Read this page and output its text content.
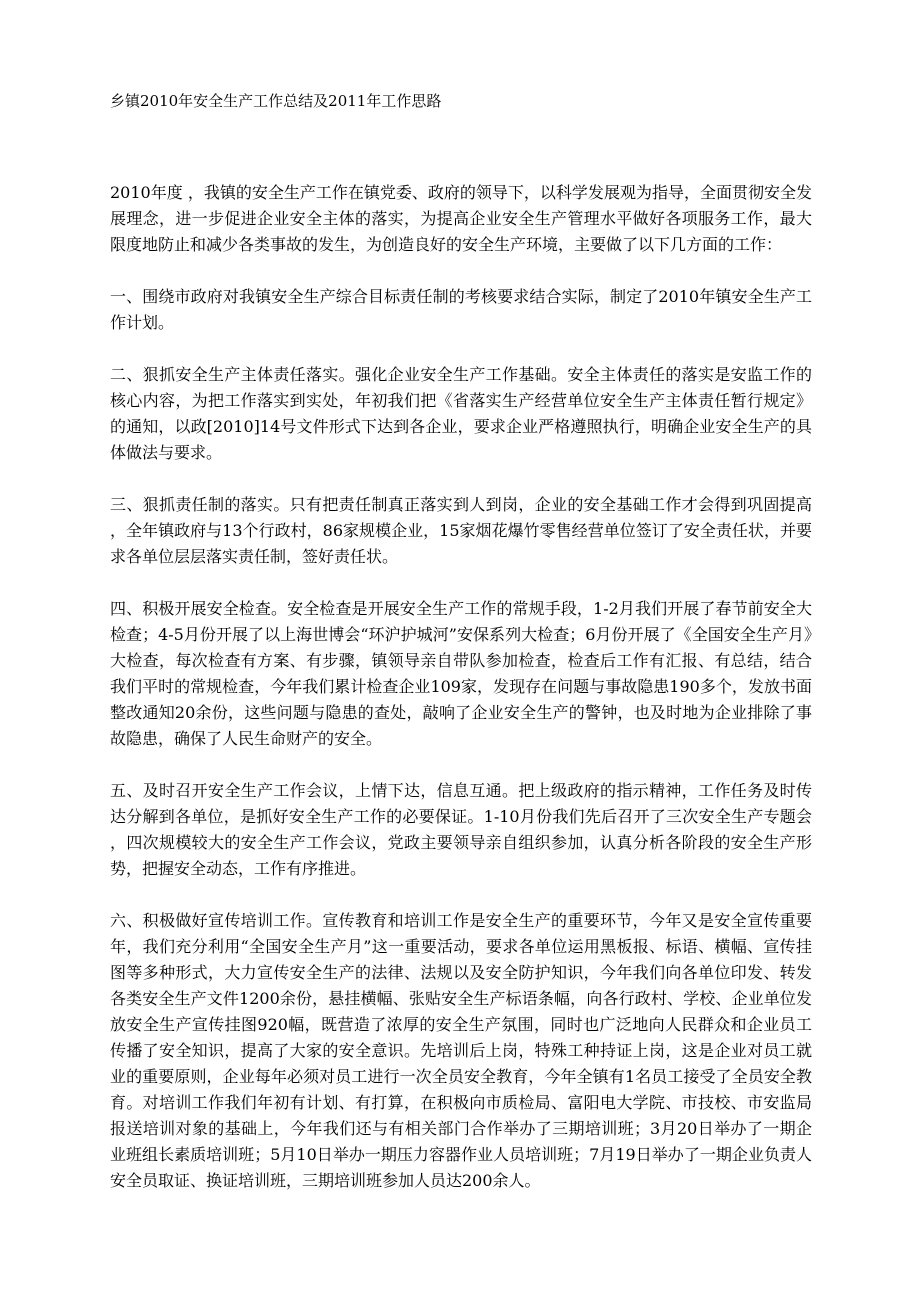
乡镇2010年安全生产工作总结及2011年工作思路

2010年度 ，我镇的安全生产工作在镇党委、政府的领导下，以科学发展观为指导，全面贯彻安全发展理念，进一步促进企业安全主体的落实，为提高企业安全生产管理水平做好各项服务工作，最大限度地防止和减少各类事故的发生，为创造良好的安全生产环境，主要做了以下几方面的工作：

一、围绕市政府对我镇安全生产综合目标责任制的考核要求结合实际，制定了2010年镇安全生产工作计划。

二、狠抓安全生产主体责任落实。强化企业安全生产工作基础。安全主体责任的落实是安监工作的核心内容，为把工作落实到实处，年初我们把《省落实生产经营单位安全生产主体责任暂行规定》的通知，以政[2010]14号文件形式下达到各企业，要求企业严格遵照执行，明确企业安全生产的具体做法与要求。

三、狠抓责任制的落实。只有把责任制真正落实到人到岗，企业的安全基础工作才会得到巩固提高，全年镇政府与13个行政村，86家规模企业，15家烟花爆竹零售经营单位签订了安全责任状，并要求各单位层层落实责任制，签好责任状。

四、积极开展安全检查。安全检查是开展安全生产工作的常规手段，1-2月我们开展了春节前安全大检查；4-5月份开展了以上海世博会“环沪护城河”安保系列大检查；6月份开展了《全国安全生产月》大检查，每次检查有方案、有步骤，镇领导亲自带队参加检查，检查后工作有汇报、有总结，结合我们平时的常规检查，今年我们累计检查企业109家，发现存在问题与事故隐患190多个，发放书面整改通知20余份，这些问题与隐患的查处，敲响了企业安全生产的警钟，也及时地为企业排除了事故隐患，确保了人民生命财产的安全。

五、及时召开安全生产工作会议，上情下达，信息互通。把上级政府的指示精神，工作任务及时传达分解到各单位，是抓好安全生产工作的必要保证。1-10月份我们先后召开了三次安全生产专题会，四次规模较大的安全生产工作会议，党政主要领导亲自组织参加，认真分析各阶段的安全生产形势，把握安全动态，工作有序推进。

六、积极做好宣传培训工作。宣传教育和培训工作是安全生产的重要环节，今年又是安全宣传重要年，我们充分利用“全国安全生产月”这一重要活动，要求各单位运用黑板报、标语、横幅、宣传挂图等多种形式，大力宣传安全生产的法律、法规以及安全防护知识，今年我们向各单位印发、转发各类安全生产文件1200余份，悬挂横幅、张贴安全生产标语条幅，向各行政村、学校、企业单位发放安全生产宣传挂图920幅，既营造了浓厚的安全生产氛围，同时也广泛地向人民群众和企业员工传播了安全知识，提高了大家的安全意识。先培训后上岗，特殊工种持证上岗，这是企业对员工就业的重要原则，企业每年必须对员工进行一次全员安全教育，今年全镇有1名员工接受了全员安全教育。对培训工作我们年初有计划、有打算，在积极向市质检局、富阳电大学院、市技校、市安监局报送培训对象的基础上，今年我们还与有相关部门合作举办了三期培训班；3月20日举办了一期企业班组长素质培训班；5月10日举办一期压力容器作业人员培训班；7月19日举办了一期企业负责人安全员取证、换证培训班，三期培训班参加人员达200余人。
